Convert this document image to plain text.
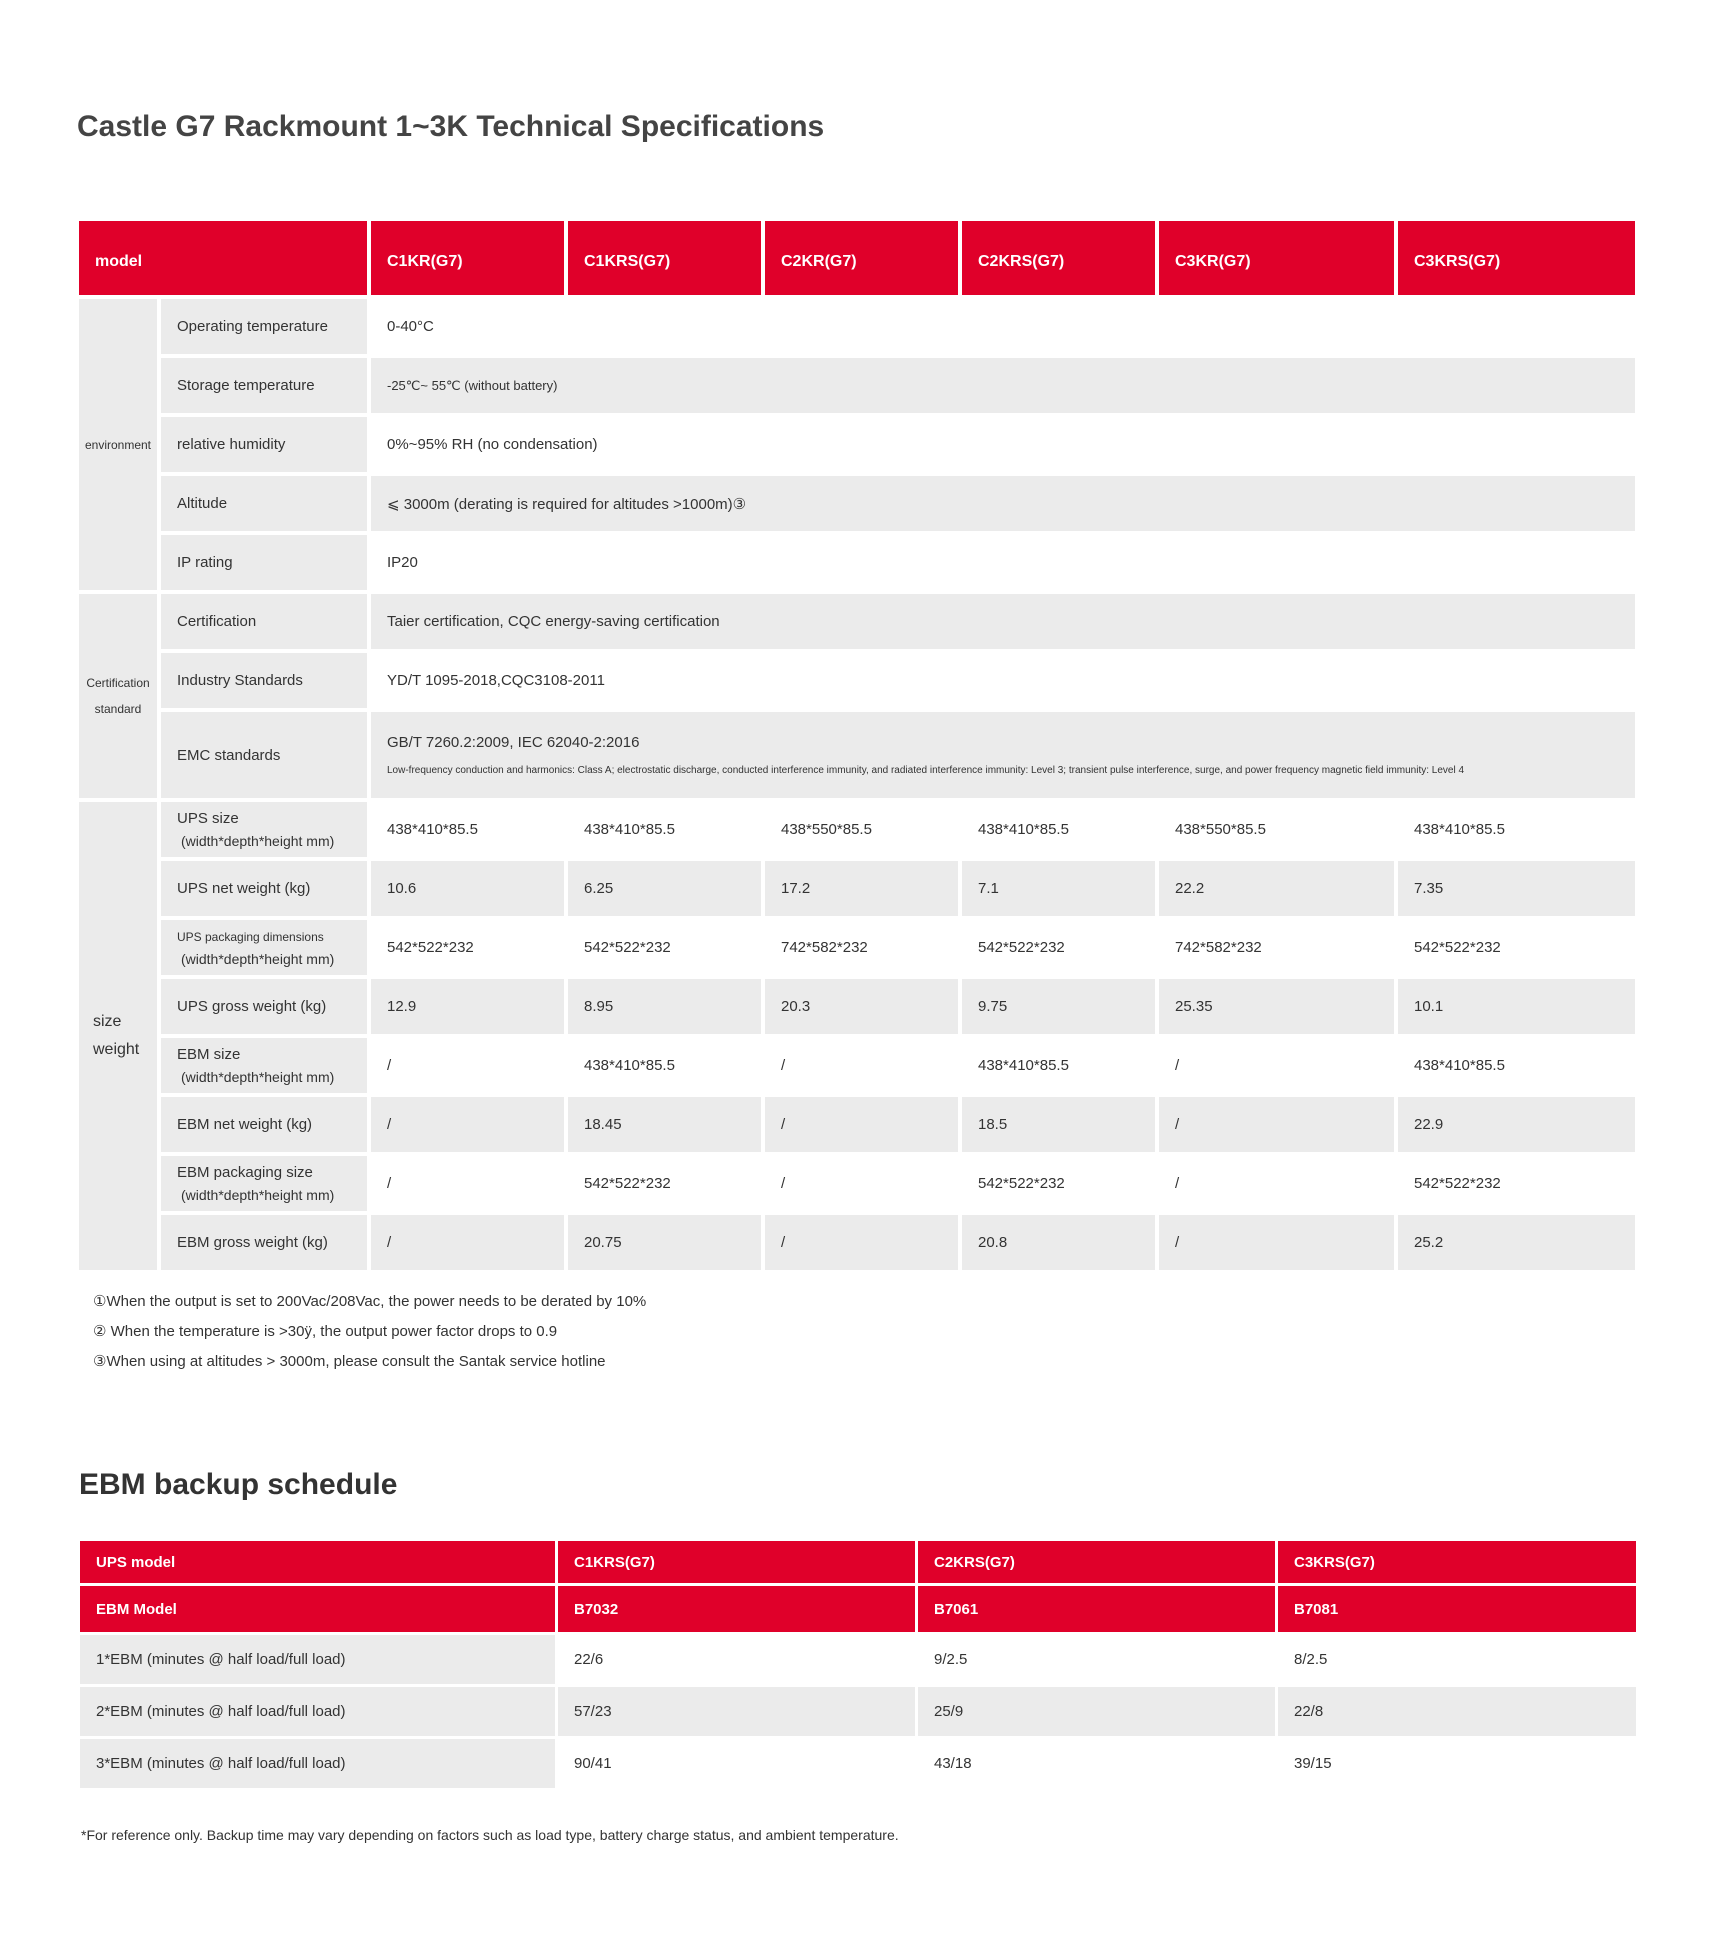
Castle G7 Rackmount 1~3K Technical Specifications
model		C1KR(G7)	C1KRS(G7)	C2KR(G7)	C2KRS(G7)	C3KR(G7)	C3KRS(G7)
environment	Operating temperature	0-40°C					
	Storage temperature	-25℃~ 55℃ (without battery)					
	relative humidity	0%~95% RH (no condensation)					
	Altitude	⩽ 3000m (derating is required for altitudes >1000m)③					
	IP rating	IP20					
Certification
standard	Certification	Taier certification, CQC energy-saving certification					
	Industry Standards	YD/T 1095-2018,CQC3108-2011					
	EMC standards	GB/T 7260.2:2009, IEC 62040-2:2016
Low-frequency conduction and harmonics: Class A; electrostatic discharge, conducted interference immunity, and radiated interference immunity: Level 3; transient pulse interference, surge, and power frequency magnetic field immunity: Level 4					

size
weight	UPS size
(width*depth*height mm)	438*410*85.5	438*410*85.5	438*550*85.5	438*410*85.5	438*550*85.5	438*410*85.5
	UPS net weight (kg)	10.6	6.25	17.2	7.1	22.2	7.35
	UPS packaging dimensions
(width*depth*height mm)	542*522*232	542*522*232	742*582*232	542*522*232	742*582*232	542*522*232
	UPS gross weight (kg)	12.9	8.95	20.3	9.75	25.35	10.1
	EBM size
(width*depth*height mm)	/	438*410*85.5	/	438*410*85.5	/	438*410*85.5
	EBM net weight (kg)	/	18.45	/	18.5	/	22.9
	EBM packaging size
(width*depth*height mm)	/	542*522*232	/	542*522*232	/	542*522*232
	EBM gross weight (kg)	/	20.75	/	20.8	/	25.2
①When the output is set to 200Vac/208Vac, the power needs to be derated by 10%
② When the temperature is >30ÿ, the output power factor drops to 0.9
③When using at altitudes > 3000m, please consult the Santak service hotline
EBM backup schedule
UPS model	C1KRS(G7)	C2KRS(G7)	C3KRS(G7)
EBM Model	B7032	B7061	B7081
1*EBM (minutes @ half load/full load)	22/6	9/2.5	8/2.5
2*EBM (minutes @ half load/full load)	57/23	25/9	22/8
3*EBM (minutes @ half load/full load)	90/41	43/18	39/15
*For reference only. Backup time may vary depending on factors such as load type, battery charge status, and ambient temperature.
